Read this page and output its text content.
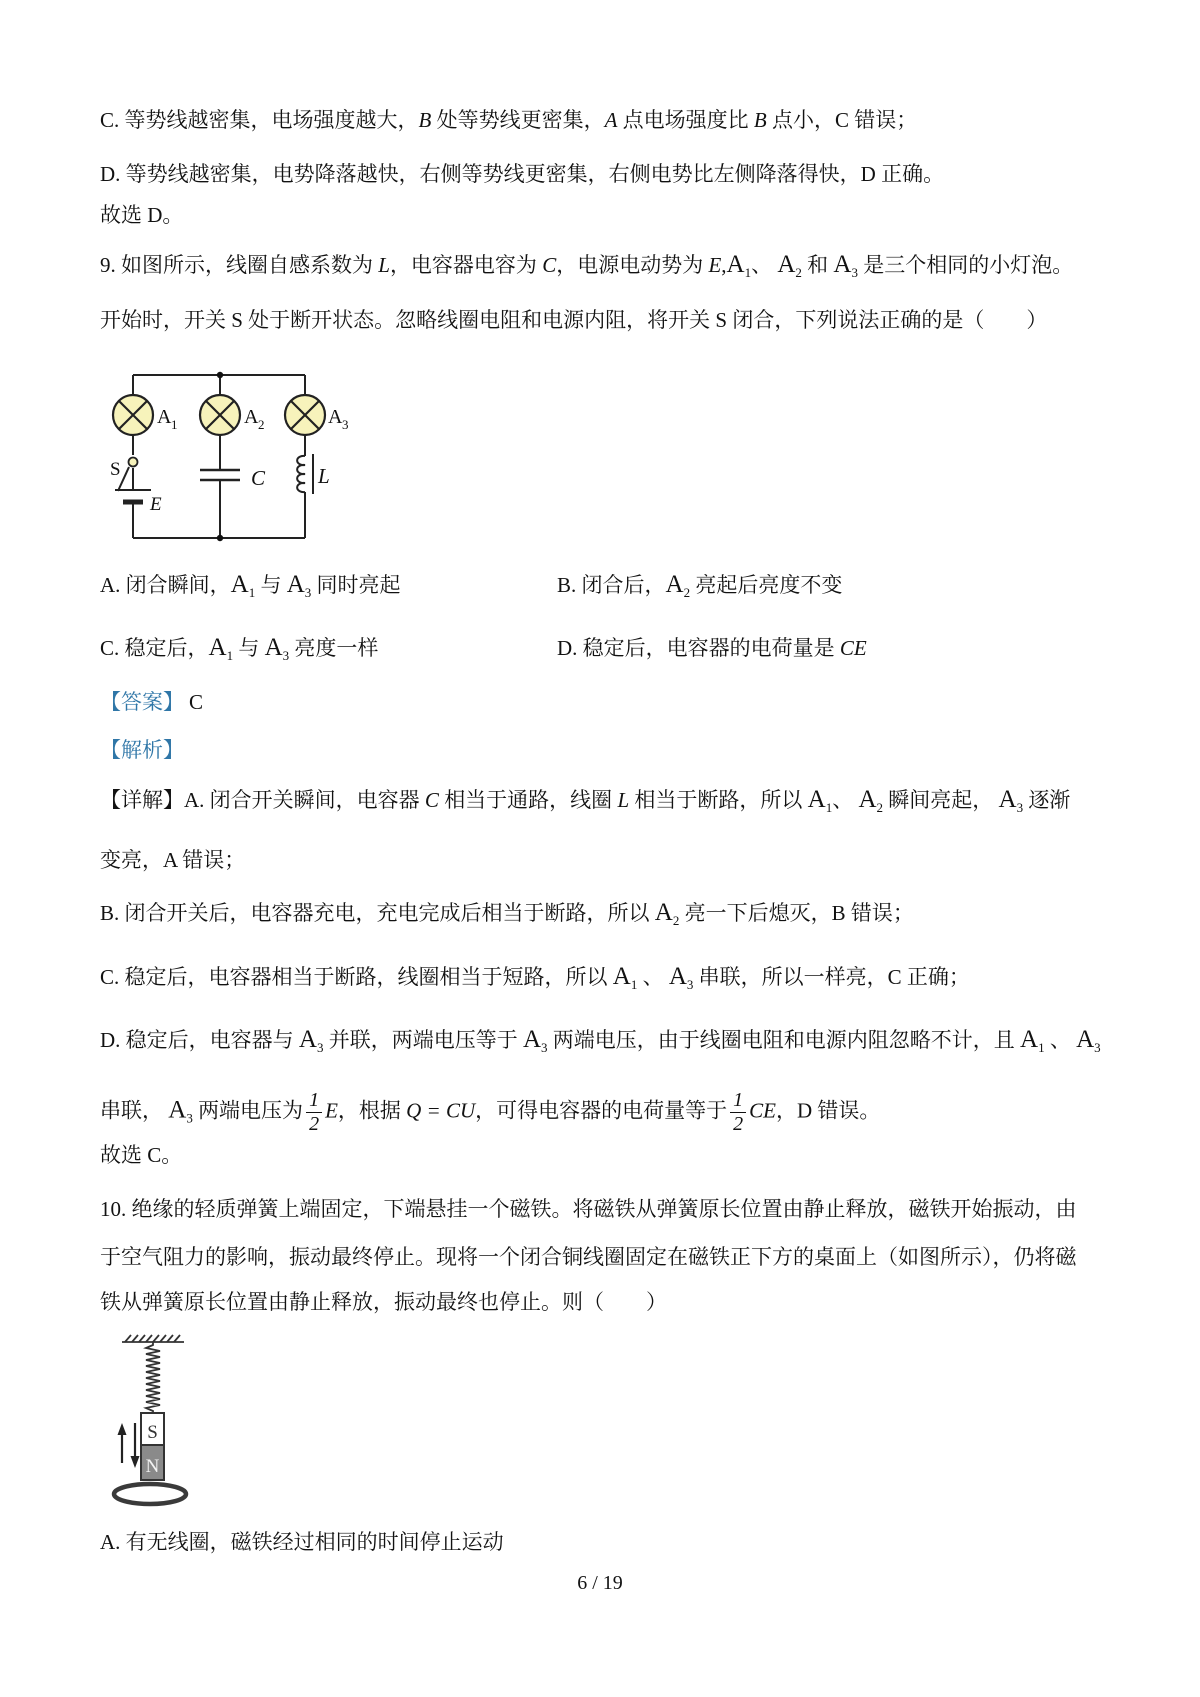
C. 等势线越密集，电场强度越大，B 处等势线更密集，A 点电场强度比 B 点小，C 错误；
D. 等势线越密集，电势降落越快，右侧等势线更密集，右侧电势比左侧降落得快，D 正确。
故选 D。
9. 如图所示，线圈自感系数为 L，电容器电容为 C，电源电动势为 $E,A_1$、 $A_2$ 和 $A_3$ 是三个相同的小灯泡。
开始时，开关 S 处于断开状态。忽略线圈电阻和电源内阻，将开关 S 闭合，下列说法正确的是（　　）
A 1	A 2	A 3
S
E
C	L
A. 闭合瞬间，$A_1$ 与 $A_3$ 同时亮起	B. 闭合后，$A_2$ 亮起后亮度不变
C. 稳定后，$A_1$ 与 $A_3$ 亮度一样	D. 稳定后，电容器的电荷量是 CE
【答案】 C
【解析】
【详解】A. 闭合开关瞬间，电容器 C 相当于通路，线圈 L 相当于断路，所以 $A_1$、 $A_2$ 瞬间亮起， $A_3$ 逐渐
变亮，A 错误；
B. 闭合开关后，电容器充电，充电完成后相当于断路，所以 $A_2$ 亮一下后熄灭，B 错误；
C. 稳定后，电容器相当于断路，线圈相当于短路，所以 $A_1$ 、 $A_3$ 串联，所以一样亮，C 正确；
D. 稳定后，电容器与 $A_3$ 并联，两端电压等于 $A_3$ 两端电压，由于线圈电阻和电源内阻忽略不计，且 $A_1$ 、 $A_3$
串联， $A_3$ 两端电压为 $\frac{1}{2}$ E，根据 Q = CU，可得电容器的电荷量等于 $\frac{1}{2}$ CE，D 错误。
故选 C。
10. 绝缘的轻质弹簧上端固定，下端悬挂一个磁铁。将磁铁从弹簧原长位置由静止释放，磁铁开始振动，由
于空气阻力的影响，振动最终停止。现将一个闭合铜线圈固定在磁铁正下方的桌面上（如图所示），仍将磁
铁从弹簧原长位置由静止释放，振动最终也停止。则（　　）
S
N
A. 有无线圈，磁铁经过相同的时间停止运动
6 / 19
